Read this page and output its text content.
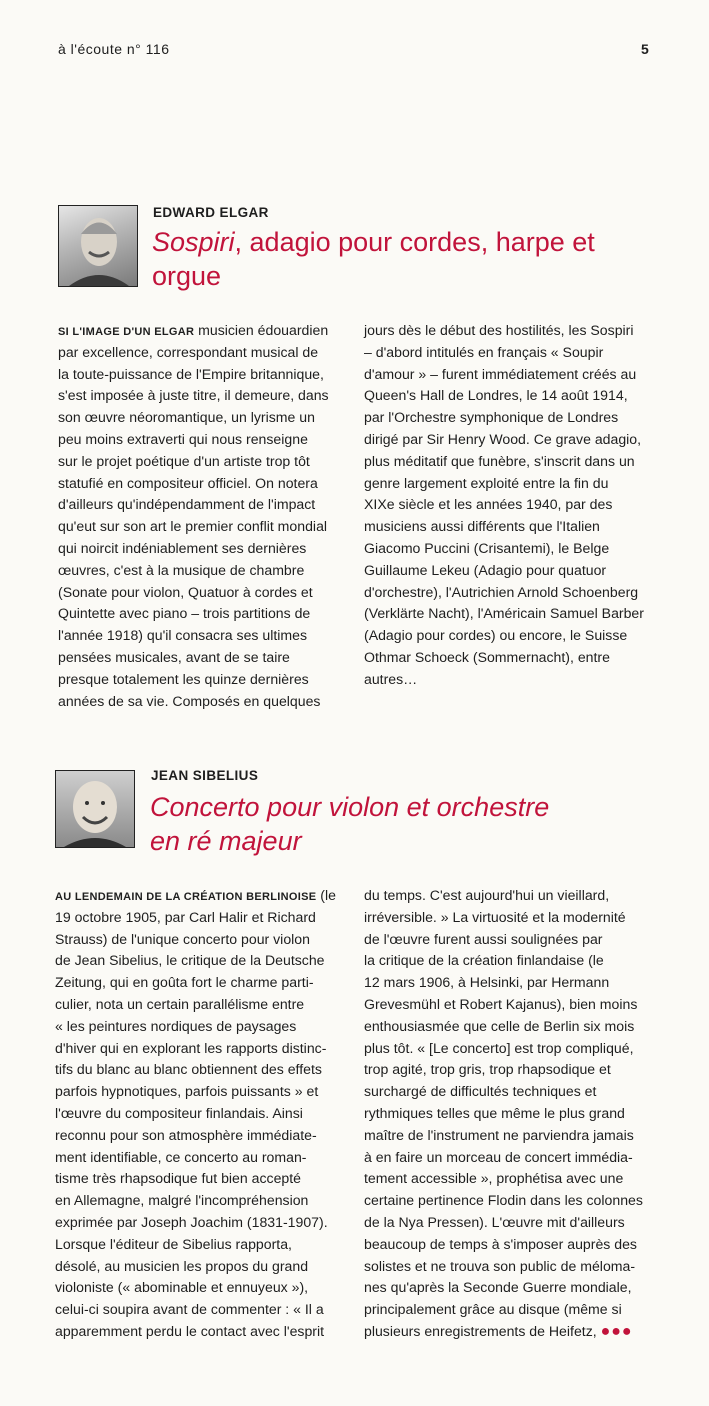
à l'écoute n° 116	5
EDWARD ELGAR
Sospiri, adagio pour cordes, harpe et
orgue
SI L'IMAGE D'UN ELGAR musicien édouardien
par excellence, correspondant musical de
la toute-puissance de l'Empire britannique,
s'est imposée à juste titre, il demeure, dans
son œuvre néoromantique, un lyrisme un
peu moins extraverti qui nous renseigne
sur le projet poétique d'un artiste trop tôt
statufié en compositeur officiel. On notera
d'ailleurs qu'indépendamment de l'impact
qu'eut sur son art le premier conflit mondial
qui noircit indéniablement ses dernières
œuvres, c'est à la musique de chambre
(Sonate pour violon, Quatuor à cordes et
Quintette avec piano – trois partitions de
l'année 1918) qu'il consacra ses ultimes
pensées musicales, avant de se taire
presque totalement les quinze dernières
années de sa vie. Composés en quelques
jours dès le début des hostilités, les Sospiri
– d'abord intitulés en français « Soupir
d'amour » – furent immédiatement créés au
Queen's Hall de Londres, le 14 août 1914,
par l'Orchestre symphonique de Londres
dirigé par Sir Henry Wood. Ce grave adagio,
plus méditatif que funèbre, s'inscrit dans un
genre largement exploité entre la fin du
XIXe siècle et les années 1940, par des
musiciens aussi différents que l'Italien
Giacomo Puccini (Crisantemi), le Belge
Guillaume Lekeu (Adagio pour quatuor
d'orchestre), l'Autrichien Arnold Schoenberg
(Verklärte Nacht), l'Américain Samuel Barber
(Adagio pour cordes) ou encore, le Suisse
Othmar Schoeck (Sommernacht), entre
autres…
JEAN SIBELIUS
Concerto pour violon et orchestre
en ré majeur
AU LENDEMAIN DE LA CRÉATION BERLINOISE (le
19 octobre 1905, par Carl Halir et Richard
Strauss) de l'unique concerto pour violon
de Jean Sibelius, le critique de la Deutsche
Zeitung, qui en goûta fort le charme parti-
culier, nota un certain parallélisme entre
« les peintures nordiques de paysages
d'hiver qui en explorant les rapports distinc-
tifs du blanc au blanc obtiennent des effets
parfois hypnotiques, parfois puissants » et
l'œuvre du compositeur finlandais. Ainsi
reconnu pour son atmosphère immédiate-
ment identifiable, ce concerto au roman-
tisme très rhapsodique fut bien accepté
en Allemagne, malgré l'incompréhension
exprimée par Joseph Joachim (1831-1907).
Lorsque l'éditeur de Sibelius rapporta,
désolé, au musicien les propos du grand
violoniste (« abominable et ennuyeux »),
celui-ci soupira avant de commenter : « Il a
apparemment perdu le contact avec l'esprit
du temps. C'est aujourd'hui un vieillard,
irréversible. » La virtuosité et la modernité
de l'œuvre furent aussi soulignées par
la critique de la création finlandaise (le
12 mars 1906, à Helsinki, par Hermann
Grevesmühl et Robert Kajanus), bien moins
enthousiasmée que celle de Berlin six mois
plus tôt. « [Le concerto] est trop compliqué,
trop agité, trop gris, trop rhapsodique et
surchargé de difficultés techniques et
rythmiques telles que même le plus grand
maître de l'instrument ne parviendra jamais
à en faire un morceau de concert immédia-
tement accessible », prophétisa avec une
certaine pertinence Flodin dans les colonnes
de la Nya Pressen). L'œuvre mit d'ailleurs
beaucoup de temps à s'imposer auprès des
solistes et ne trouva son public de méloma-
nes qu'après la Seconde Guerre mondiale,
principalement grâce au disque (même si
plusieurs enregistrements de Heifetz, ●●●
